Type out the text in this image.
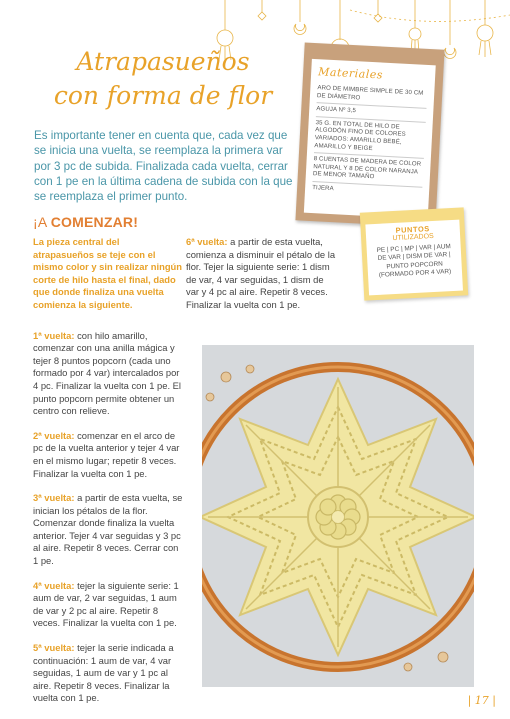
Atrapasueños
con forma de flor

Es importante tener en cuenta que, cada vez que se inicia una vuelta, se reemplaza la primera var por 3 pc de subida. Finalizada cada vuelta, cerrar con 1 pe en la última cadena de subida con la que se reemplaza el primer punto.

Materiales
ARO DE MIMBRE SIMPLE DE 30 CM DE DIÁMETRO
AGUJA Nº 3,5
35 G. EN TOTAL DE HILO DE ALGODÓN FINO DE COLORES VARIADOS: AMARILLO BEBÉ, AMARILLO Y BEIGE
8 CUENTAS DE MADERA DE COLOR NATURAL Y 8 DE COLOR NARANJA DE MENOR TAMAÑO
TIJERA
PUNTOS
UTILIZADOS
PE | PC | MP | VAR | AUM
DE VAR | DISM DE VAR |
PUNTO POPCORN
(FORMADO POR 4 VAR)
¡A COMENZAR!

La pieza central del atrapasueños se teje con el mismo color y sin realizar ningún corte de hilo hasta el final, dado que donde finaliza una vuelta comienza la siguiente.

1ª vuelta: con hilo amarillo, comenzar con una anilla mágica y tejer 8 puntos popcorn (cada uno formado por 4 var) intercalados por 4 pc. Finalizar la vuelta con 1 pe. El punto popcorn permite obtener un centro con relieve.

2ª vuelta: comenzar en el arco de pc de la vuelta anterior y tejer 4 var en el mismo lugar; repetir 8 veces. Finalizar la vuelta con 1 pe.

3ª vuelta: a partir de esta vuelta, se inician los pétalos de la flor. Comenzar donde finaliza la vuelta anterior. Tejer 4 var seguidas y 3 pc al aire. Repetir 8 veces. Cerrar con 1 pe.

4ª vuelta: tejer la siguiente serie: 1 aum de var, 2 var seguidas, 1 aum de var y 2 pc al aire. Repetir 8 veces. Finalizar la vuelta con 1 pe.

5ª vuelta: tejer la serie indicada a continuación: 1 aum de var, 4 var seguidas, 1 aum de var y 1 pc al aire. Repetir 8 veces. Finalizar la vuelta con 1 pe.

6ª vuelta: a partir de esta vuelta, comienza a disminuir el pétalo de la flor. Tejer la siguiente serie: 1 dism de var, 4 var seguidas, 1 dism de var y 4 pc al aire. Repetir 8 veces. Finalizar la vuelta con 1 pe.

| 17 |
